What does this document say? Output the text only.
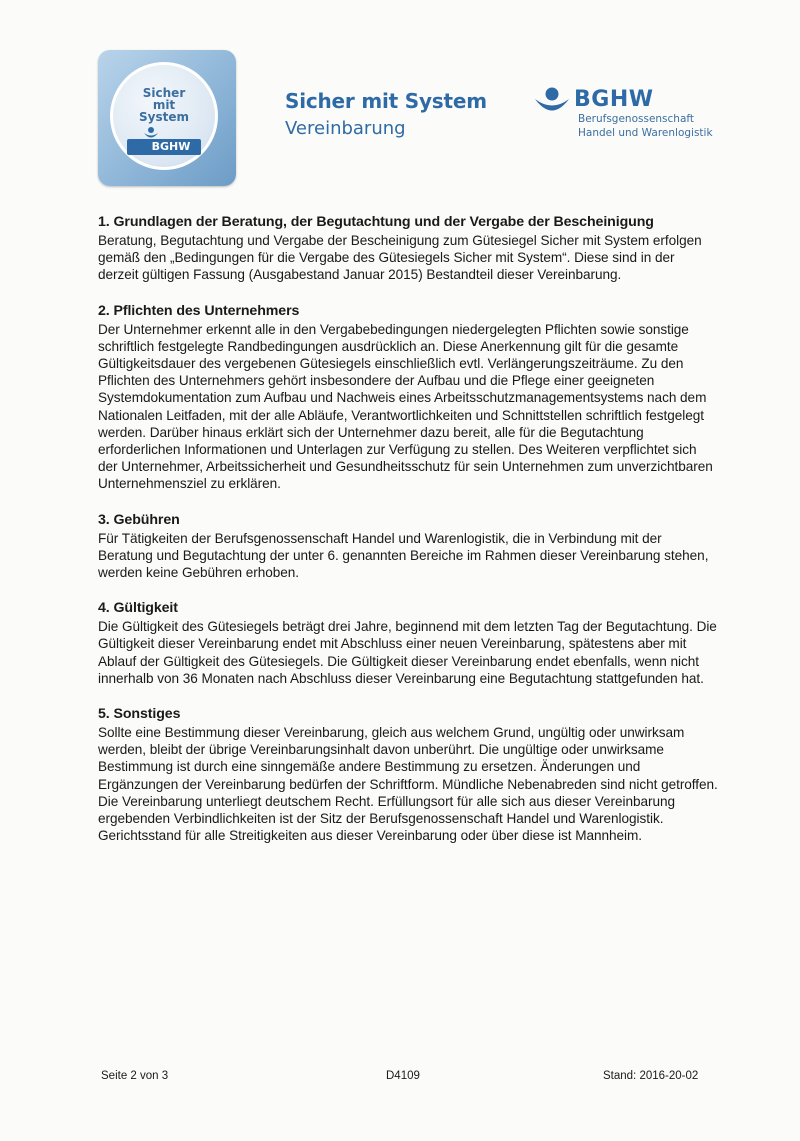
Sicher
mit
System
BGHW
Sicher mit System
Vereinbarung
BGHW
Berufsgenossenschaft
Handel und Warenlogistik

1. Grundlagen der Beratung, der Begutachtung und der Vergabe der Bescheinigung

Beratung, Begutachtung und Vergabe der Bescheinigung zum Gütesiegel Sicher mit System erfolgen gemäß den „Bedingungen für die Vergabe des Gütesiegels Sicher mit System“. Diese sind in der derzeit gültigen Fassung (Ausgabestand Januar 2015) Bestandteil dieser Vereinbarung.

2. Pflichten des Unternehmers

Der Unternehmer erkennt alle in den Vergabebedingungen niedergelegten Pflichten sowie sonstige schriftlich festgelegte Randbedingungen ausdrücklich an. Diese Anerkennung gilt für die gesamte Gültigkeitsdauer des vergebenen Gütesiegels einschließlich evtl. Verlängerungszeiträume. Zu den Pflichten des Unternehmers gehört insbesondere der Aufbau und die Pflege einer geeigneten Systemdokumentation zum Aufbau und Nachweis eines Arbeitsschutzmanagementsystems nach dem Nationalen Leitfaden, mit der alle Abläufe, Verantwortlichkeiten und Schnittstellen schriftlich festgelegt werden. Darüber hinaus erklärt sich der Unternehmer dazu bereit, alle für die Begutachtung erforderlichen Informationen und Unterlagen zur Verfügung zu stellen. Des Weiteren verpflichtet sich der Unternehmer, Arbeitssicherheit und Gesundheitsschutz für sein Unternehmen zum unverzichtbaren Unternehmensziel zu erklären.

3. Gebühren

Für Tätigkeiten der Berufsgenossenschaft Handel und Warenlogistik, die in Verbindung mit der Beratung und Begutachtung der unter 6. genannten Bereiche im Rahmen dieser Vereinbarung stehen, werden keine Gebühren erhoben.

4. Gültigkeit

Die Gültigkeit des Gütesiegels beträgt drei Jahre, beginnend mit dem letzten Tag der Begutachtung. Die Gültigkeit dieser Vereinbarung endet mit Abschluss einer neuen Vereinbarung, spätestens aber mit Ablauf der Gültigkeit des Gütesiegels. Die Gültigkeit dieser Vereinbarung endet ebenfalls, wenn nicht innerhalb von 36 Monaten nach Abschluss dieser Vereinbarung eine Begutachtung stattgefunden hat.

5. Sonstiges

Sollte eine Bestimmung dieser Vereinbarung, gleich aus welchem Grund, ungültig oder unwirksam werden, bleibt der übrige Vereinbarungsinhalt davon unberührt. Die ungültige oder unwirksame Bestimmung ist durch eine sinngemäße andere Bestimmung zu ersetzen. Änderungen und Ergänzungen der Vereinbarung bedürfen der Schriftform. Mündliche Nebenabreden sind nicht getroffen. Die Vereinbarung unterliegt deutschem Recht. Erfüllungsort für alle sich aus dieser Vereinbarung ergebenden Verbindlichkeiten ist der Sitz der Berufsgenossenschaft Handel und Warenlogistik. Gerichtsstand für alle Streitigkeiten aus dieser Vereinbarung oder über diese ist Mannheim.

Seite 2 von 3	D4109	Stand: 2016-20-02
